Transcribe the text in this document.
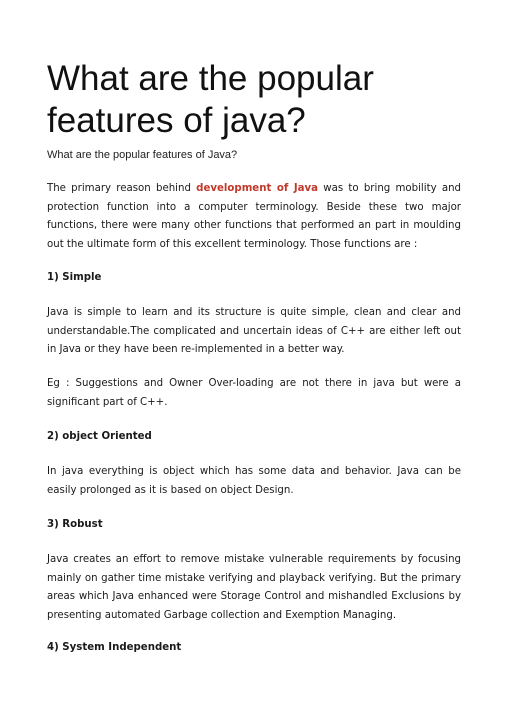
What are the popular features of java?

What are the popular features of Java?

The primary reason behind development of Java was to bring mobility and protection function into a computer terminology. Beside these two major functions, there were many other functions that performed an part in moulding out the ultimate form of this excellent terminology. Those functions are :

1) Simple

Java is simple to learn and its structure is quite simple, clean and clear and understandable.The complicated and uncertain ideas of C++ are either left out in Java or they have been re-implemented in a better way.

Eg : Suggestions and Owner Over-loading are not there in java but were a significant part of C++.

2) object Oriented

In java everything is object which has some data and behavior. Java can be easily prolonged as it is based on object Design.

3) Robust

Java creates an effort to remove mistake vulnerable requirements by focusing mainly on gather time mistake verifying and playback verifying. But the primary areas which Java enhanced were Storage Control and mishandled Exclusions by presenting automated Garbage collection and Exemption Managing.

4) System Independent
